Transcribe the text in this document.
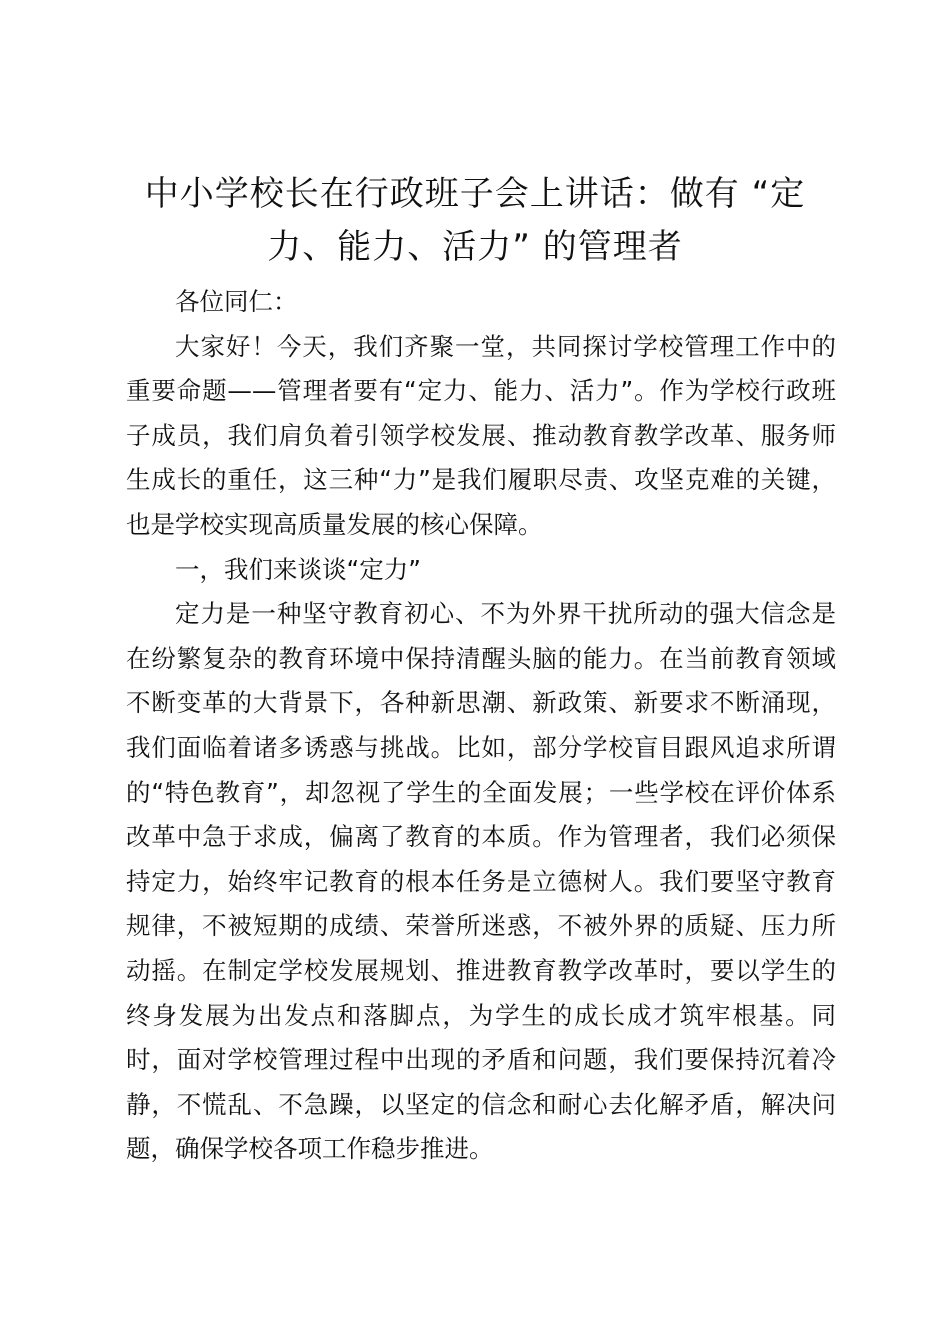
中小学校长在行政班子会上讲话：做有 “定力、能力、活力” 的管理者

各位同仁：

大家好！今天，我们齐聚一堂，共同探讨学校管理工作中的重要命题——管理者要有“定力、能力、活力”。作为学校行政班子成员，我们肩负着引领学校发展、推动教育教学改革、服务师生成长的重任，这三种“力”是我们履职尽责、攻坚克难的关键，也是学校实现高质量发展的核心保障。

一，我们来谈谈“定力”

定力是一种坚守教育初心、不为外界干扰所动的强大信念是在纷繁复杂的教育环境中保持清醒头脑的能力。在当前教育领域不断变革的大背景下，各种新思潮、新政策、新要求不断涌现，我们面临着诸多诱惑与挑战。比如，部分学校盲目跟风追求所谓的“特色教育”，却忽视了学生的全面发展；一些学校在评价体系改革中急于求成，偏离了教育的本质。作为管理者，我们必须保持定力，始终牢记教育的根本任务是立德树人。我们要坚守教育规律，不被短期的成绩、荣誉所迷惑，不被外界的质疑、压力所动摇。在制定学校发展规划、推进教育教学改革时，要以学生的终身发展为出发点和落脚点，为学生的成长成才筑牢根基。同时，面对学校管理过程中出现的矛盾和问题，我们要保持沉着冷静，不慌乱、不急躁，以坚定的信念和耐心去化解矛盾，解决问题，确保学校各项工作稳步推进。
